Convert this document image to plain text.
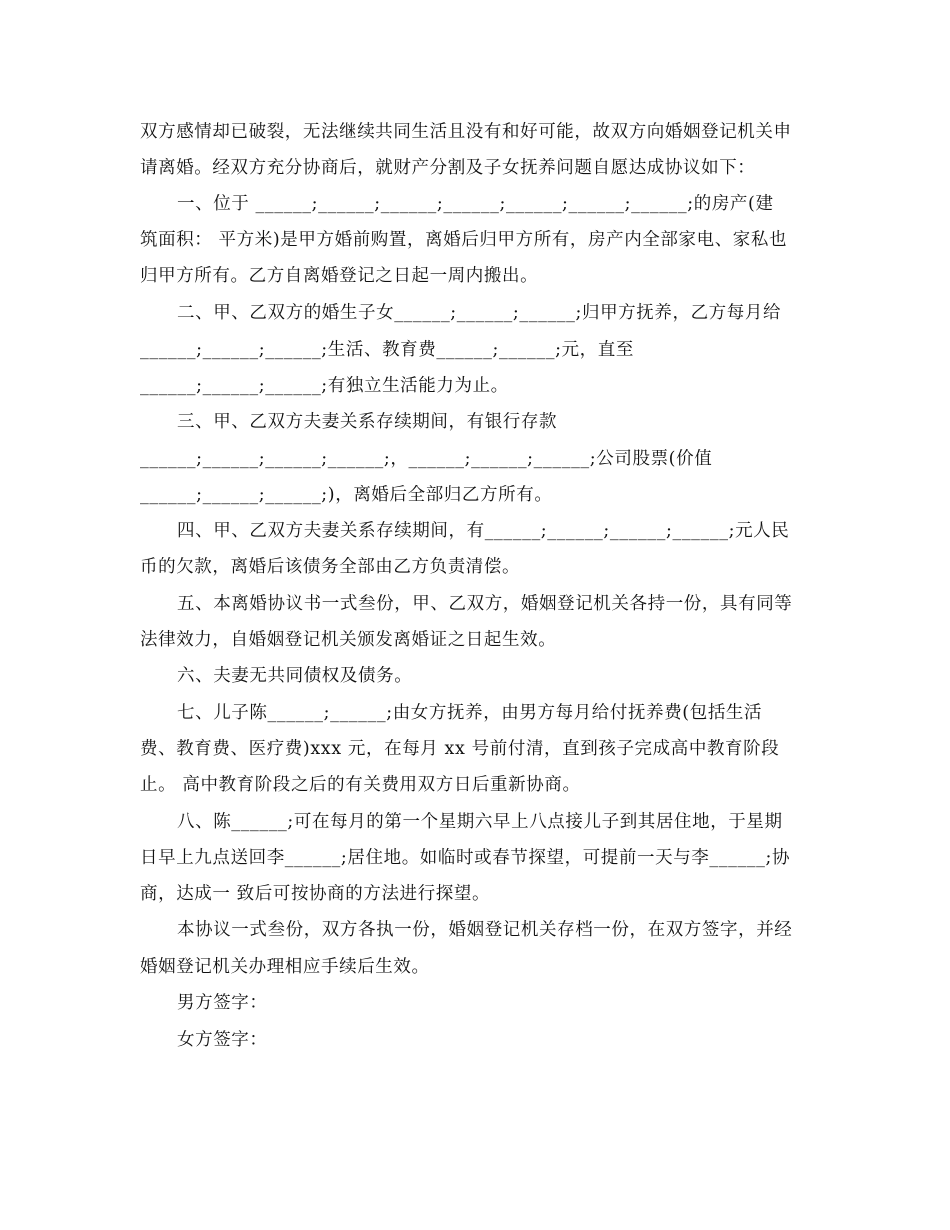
双方感情却已破裂，无法继续共同生活且没有和好可能，故双方向婚姻登记机关申
请离婚。经双方充分协商后，就财产分割及子女抚养问题自愿达成协议如下：
一、位于 ______;______;______;______;______;______;______;的房产(建
筑面积： 平方米)是甲方婚前购置，离婚后归甲方所有，房产内全部家电、家私也
归甲方所有。乙方自离婚登记之日起一周内搬出。
二、甲、乙双方的婚生子女______;______;______;归甲方抚养，乙方每月给
______;______;______;生活、教育费______;______;元，直至
______;______;______;有独立生活能力为止。
三、甲、乙双方夫妻关系存续期间，有银行存款
______;______;______;______;，______;______;______;公司股票(价值
______;______;______;)，离婚后全部归乙方所有。
四、甲、乙双方夫妻关系存续期间，有______;______;______;______;元人民
币的欠款，离婚后该债务全部由乙方负责清偿。
五、本离婚协议书一式叁份，甲、乙双方，婚姻登记机关各持一份，具有同等
法律效力，自婚姻登记机关颁发离婚证之日起生效。
六、夫妻无共同债权及债务。
七、儿子陈______;______;由女方抚养，由男方每月给付抚养费(包括生活
费、教育费、医疗费)xxx 元，在每月 xx 号前付清，直到孩子完成高中教育阶段
止。 高中教育阶段之后的有关费用双方日后重新协商。
八、陈______;可在每月的第一个星期六早上八点接儿子到其居住地，于星期
日早上九点送回李______;居住地。如临时或春节探望，可提前一天与李______;协
商，达成一 致后可按协商的方法进行探望。
本协议一式叁份，双方各执一份，婚姻登记机关存档一份，在双方签字，并经
婚姻登记机关办理相应手续后生效。
男方签字：
女方签字：
